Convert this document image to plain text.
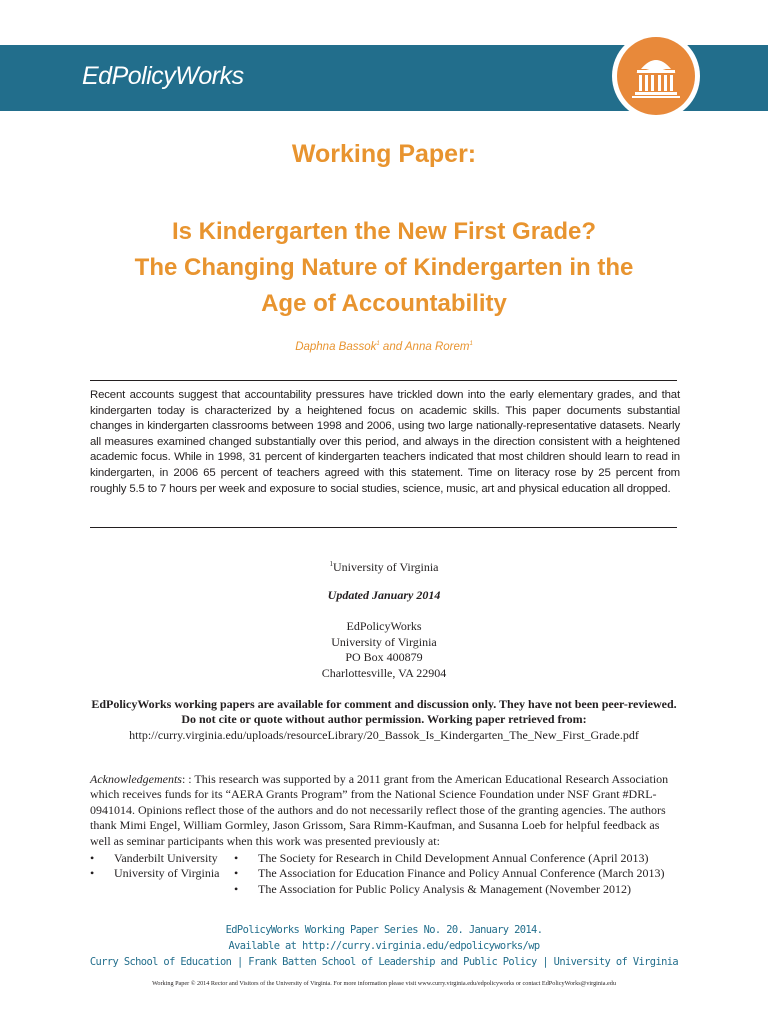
EdPolicyWorks
Working Paper:
Is Kindergarten the New First Grade?
The Changing Nature of Kindergarten in the
Age of Accountability
Daphna Bassok$^1$ and Anna Rorem$^1$
Recent accounts suggest that accountability pressures have trickled down into the early elementary grades, and that kindergarten today is characterized by a heightened focus on academic skills. This paper documents substantial changes in kindergarten classrooms between 1998 and 2006, using two large nationally-representative datasets. Nearly all measures examined changed substantially over this period, and always in the direction consistent with a heightened academic focus. While in 1998, 31 percent of kindergarten teachers indicated that most children should learn to read in kindergarten, in 2006 65 percent of teachers agreed with this statement. Time on literacy rose by 25 percent from roughly 5.5 to 7 hours per week and exposure to social studies, science, music, art and physical education all dropped.
$^1$University of Virginia
Updated January 2014
EdPolicyWorks
University of Virginia
PO Box 400879
Charlottesville, VA 22904
EdPolicyWorks working papers are available for comment and discussion only. They have not been peer-reviewed.
Do not cite or quote without author permission. Working paper retrieved from:
http://curry.virginia.edu/uploads/resourceLibrary/20_Bassok_Is_Kindergarten_The_New_First_Grade.pdf
Acknowledgements: : This research was supported by a 2011 grant from the American Educational Research Association which receives funds for its “AERA Grants Program” from the National Science Foundation under NSF Grant #DRL-0941014. Opinions reflect those of the authors and do not necessarily reflect those of the granting agencies. The authors thank Mimi Engel, William Gormley, Jason Grissom, Sara Rimm-Kaufman, and Susanna Loeb for helpful feedback as well as seminar participants when this work was presented previously at:
• Vanderbilt University
• University of Virginia
• The Society for Research in Child Development Annual Conference (April 2013)
• The Association for Education Finance and Policy Annual Conference (March 2013)
• The Association for Public Policy Analysis & Management (November 2012)
EdPolicyWorks Working Paper Series No. 20. January 2014.
Available at http://curry.virginia.edu/edpolicyworks/wp
Curry School of Education | Frank Batten School of Leadership and Public Policy | University of Virginia
Working Paper © 2014 Rector and Visitors of the University of Virginia. For more information please visit www.curry.virginia.edu/edpolicyworks or contact EdPolicyWorks@virginia.edu
